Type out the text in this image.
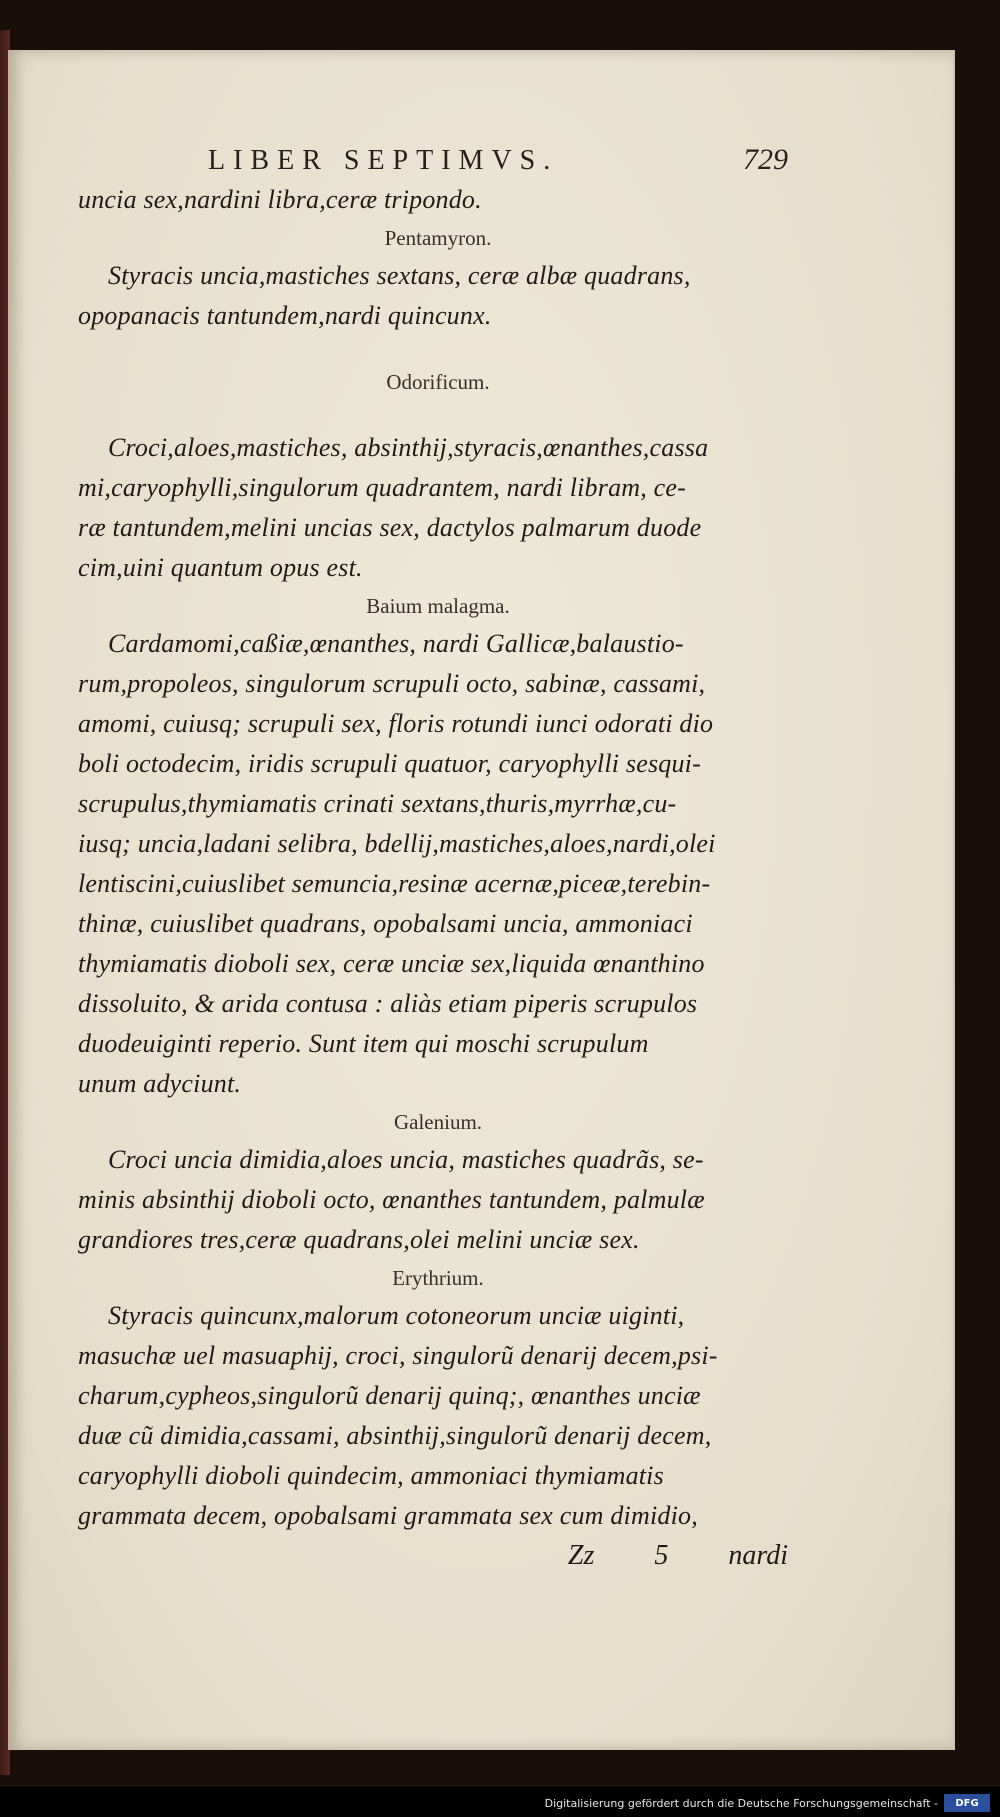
LIBER SEPTIMVS.	729
uncia sex,nardini libra,ceræ tripondo.
Pentamyron.
Styracis uncia,mastiches sextans, ceræ albæ quadrans,
opopanacis tantundem,nardi quincunx.
Odorificum.
Croci,aloes,mastiches, absinthij,styracis,œnanthes,cassa
mi,caryophylli,singulorum quadrantem, nardi libram, ce-
ræ tantundem,melini uncias sex, dactylos palmarum duode
cim,uini quantum opus est.
Baium malagma.
Cardamomi,caßiæ,œnanthes, nardi Gallicæ,balaustio-
rum,propoleos, singulorum scrupuli octo, sabinæ, cassami,
amomi, cuiusq; scrupuli sex, floris rotundi iunci odorati dio
boli octodecim, iridis scrupuli quatuor, caryophylli sesqui-
scrupulus,thymiamatis crinati sextans,thuris,myrrhæ,cu-
iusq; uncia,ladani selibra, bdellij,mastiches,aloes,nardi,olei
lentiscini,cuiuslibet semuncia,resinæ acernæ,piceæ,terebin-
thinæ, cuiuslibet quadrans, opobalsami uncia, ammoniaci
thymiamatis dioboli sex, ceræ unciæ sex,liquida œnanthino
dissoluito, & arida contusa : aliàs etiam piperis scrupulos
duodeuiginti reperio. Sunt item qui moschi scrupulum
unum adyciunt.
Galenium.
Croci uncia dimidia,aloes uncia, mastiches quadrãs, se-
minis absinthij dioboli octo, œnanthes tantundem, palmulæ
grandiores tres,ceræ quadrans,olei melini unciæ sex.
Erythrium.
Styracis quincunx,malorum cotoneorum unciæ uiginti,
masuchæ uel masuaphij, croci, singulorũ denarij decem,psi-
charum,cypheos,singulorũ denarij quinq;, œnanthes unciæ
duæ cũ dimidia,cassami, absinthij,singulorũ denarij decem,
caryophylli dioboli quindecim, ammoniaci thymiamatis
grammata decem, opobalsami grammata sex cum dimidio,
Zz 5 nardi
Digitalisierung gefördert durch die Deutsche Forschungsgemeinschaft -	DFG
